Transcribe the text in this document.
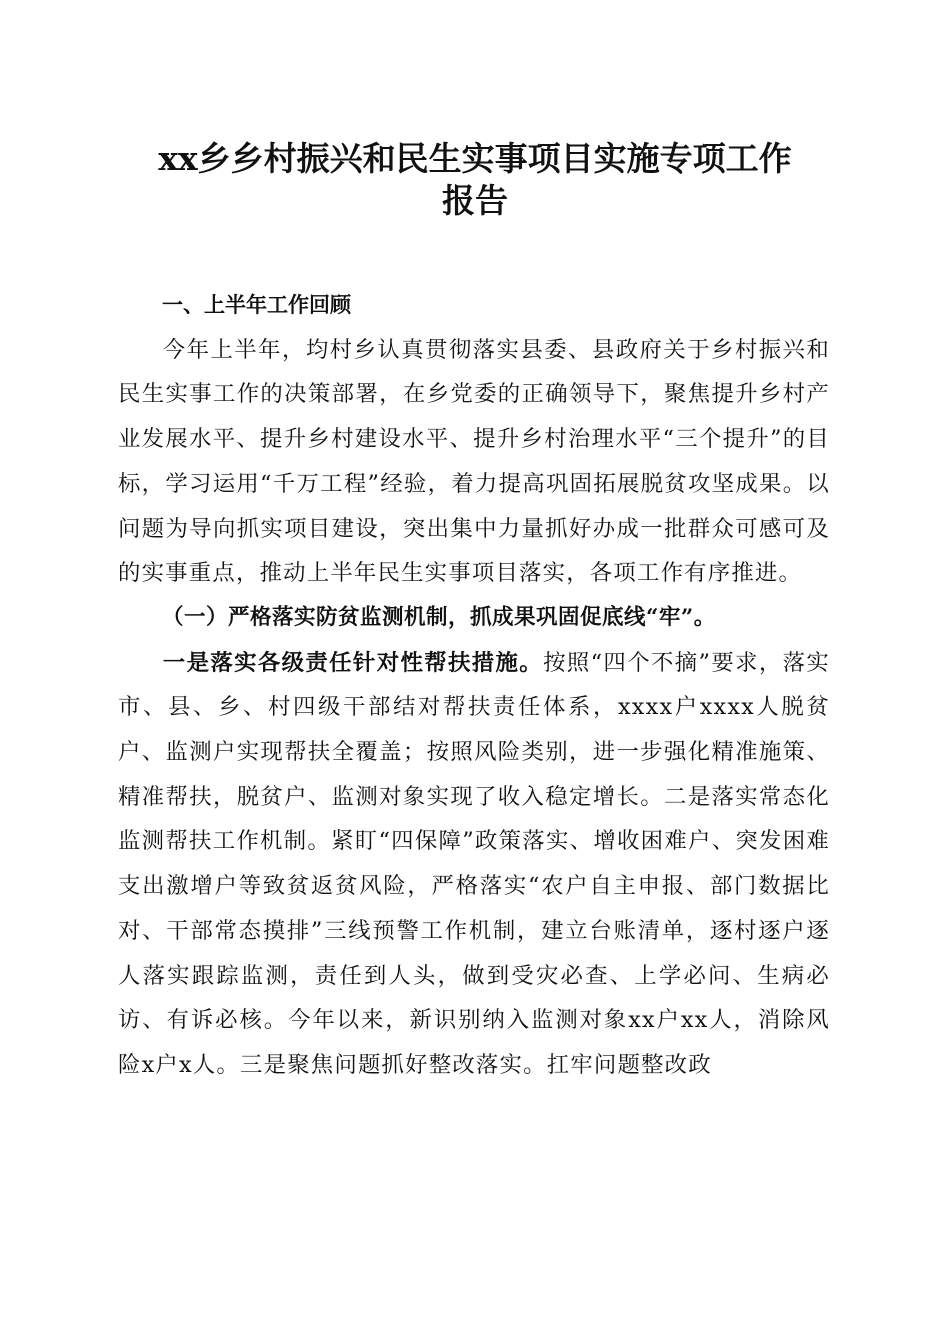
xx乡乡村振兴和民生实事项目实施专项工作
报告

一、上半年工作回顾

今年上半年，均村乡认真贯彻落实县委、县政府关于乡村振兴和民生实事工作的决策部署，在乡党委的正确领导下，聚焦提升乡村产业发展水平、提升乡村建设水平、提升乡村治理水平“三个提升”的目标，学习运用“千万工程”经验，着力提高巩固拓展脱贫攻坚成果。以问题为导向抓实项目建设，突出集中力量抓好办成一批群众可感可及的实事重点，推动上半年民生实事项目落实，各项工作有序推进。

（一）严格落实防贫监测机制，抓成果巩固促底线“牢”。

一是落实各级责任针对性帮扶措施。按照“四个不摘”要求，落实市、县、乡、村四级干部结对帮扶责任体系，xxxx户xxxx人脱贫户、监测户实现帮扶全覆盖；按照风险类别，进一步强化精准施策、精准帮扶，脱贫户、监测对象实现了收入稳定增长。二是落实常态化监测帮扶工作机制。紧盯“四保障”政策落实、增收困难户、突发困难支出激增户等致贫返贫风险，严格落实“农户自主申报、部门数据比对、干部常态摸排”三线预警工作机制，建立台账清单，逐村逐户逐人落实跟踪监测，责任到人头，做到受灾必查、上学必问、生病必访、有诉必核。今年以来，新识别纳入监测对象xx户xx人，消除风险x户x人。三是聚焦问题抓好整改落实。扛牢问题整改政
